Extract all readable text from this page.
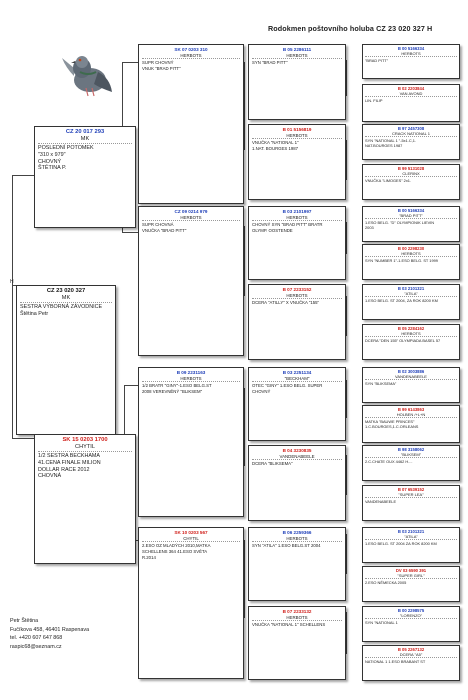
Rodokmen poštovního holuba CZ 23 020 327 H
CZ 23 020 327
MK
SESTRA VÝBORNÁ ZÁVODNICE
Štětina Petr
H
CZ 20 017 293
MK
POSLEDNÍ POTOMEK
"310 x 979"
CHOVNÝ
ŠTĚTINA P.
SK 15 0203 1700
CHYTIL
1/2 SESTRA BECKHAMA
41.CENA FINALE MILION
DOLLAR RACE 2012
CHOVNÁ
SK 07 0203 310
HERBOTS
SUPR CHOVNÝ
VNUK "BRAD PITT"
CZ 09 0214 979
HERBOTS
SUPR CHOVNÁ
VNUČKA "BRAD PITT"
B 09 2231163
HERBOTS
1/2 BRATR "GINY"-1.ESO BELG.ST
2008 VEREVNĚNÝ "BLIKSEM"
SK 10 0203 567
CHYTIL
2.ESO OZ MLADÝCH 2010,MATKA
SCHELLENS 364 41.ESO SVĚTA
R.2014
B 05 2286111
HERBOTS
SYN "BRAD PITT"
B 01 5156819
HERBOTS
VNUČKA "NATIONAL 1"
1.NAT. BOURGES 1987
B 03 2101997
HERBOTS
CHOVNÝ SYN "BRAD PITT" BRATR
OLYMP. OOSTENDE
B 07 2233152
HERBOTS
DCERA "ATILLY" X VNUČKA "155"
B 03 2251134
"BECKHAM"
OTEC "GINY" 1.ESO BELG. SUPER
CHOVNÝ
B 04 3230835
VANDENABEELE
DCERA "BLIKSEMA"
B 06 2259366
HERBOTS
SYN "ATILA" 1.ESO BELG.ST 2004
B 07 2233132
HERBOTS
VNUČKA "NATIONAL 1" SCHELLENS
B 00 5166334
HERBOTS
"BRAD PITT"
B 02 2203844
VAN AVOND
LIN. FILIP
B 97 2457308
CRACK NATIONAL 1
SYN "NATIONAL 1 "-5x1.C,1.
NAT.BOURGES 1987
B 99 5131028
CLERINX
VNUČKA "LIMOGES" 2x1.
B 00 5166334
"BRAD PITT"
1.ESO BELG. "D" OLYMPIONIK LIEVIN
2003
B 00 2298230
HERBOTS
SYN "NUMBER 1"-1.ESO BELG. ST 1999
B 03 2101321
"ATILA"
1.ESO BELG. ST 2004, ZA ROK 8200 KM
B 05 2284162
HERBOTS
DCERA "DEN 155" OLYMPIADA BASEL 57
B 02 3003886
VANDENABEELE
SYN "BLIKSEMA"
B 99 6143863
HOLBEN /+L+N
MATKA "BAUWE PRINCES"
1.C.BOURGES,1.C.ORLEANS
B 98 3158062
"BLIKSEM"
2.C.CHATE OUX 4462 H....
B 07 6539152
"SUPER LEA"
VANDENABEELE
B 03 2101321
"ATILA"
1.ESO BELG. ST 2004 ZA ROK 8200 KM
DV 03 6590 391
"SUPER GIRL"
2.ESO NĚMECKA 2005
B 00 2298575
"LORENZO"
SYN "NATIONAL 1
B 05 2267132
DCERA "A5"
NATIONAL 1 1.ESO BRABANT ST
Petr Štětina
Fučíkova 458, 46401 Raspenava
tel. +420 607 647 868
raspic68@seznam.cz
